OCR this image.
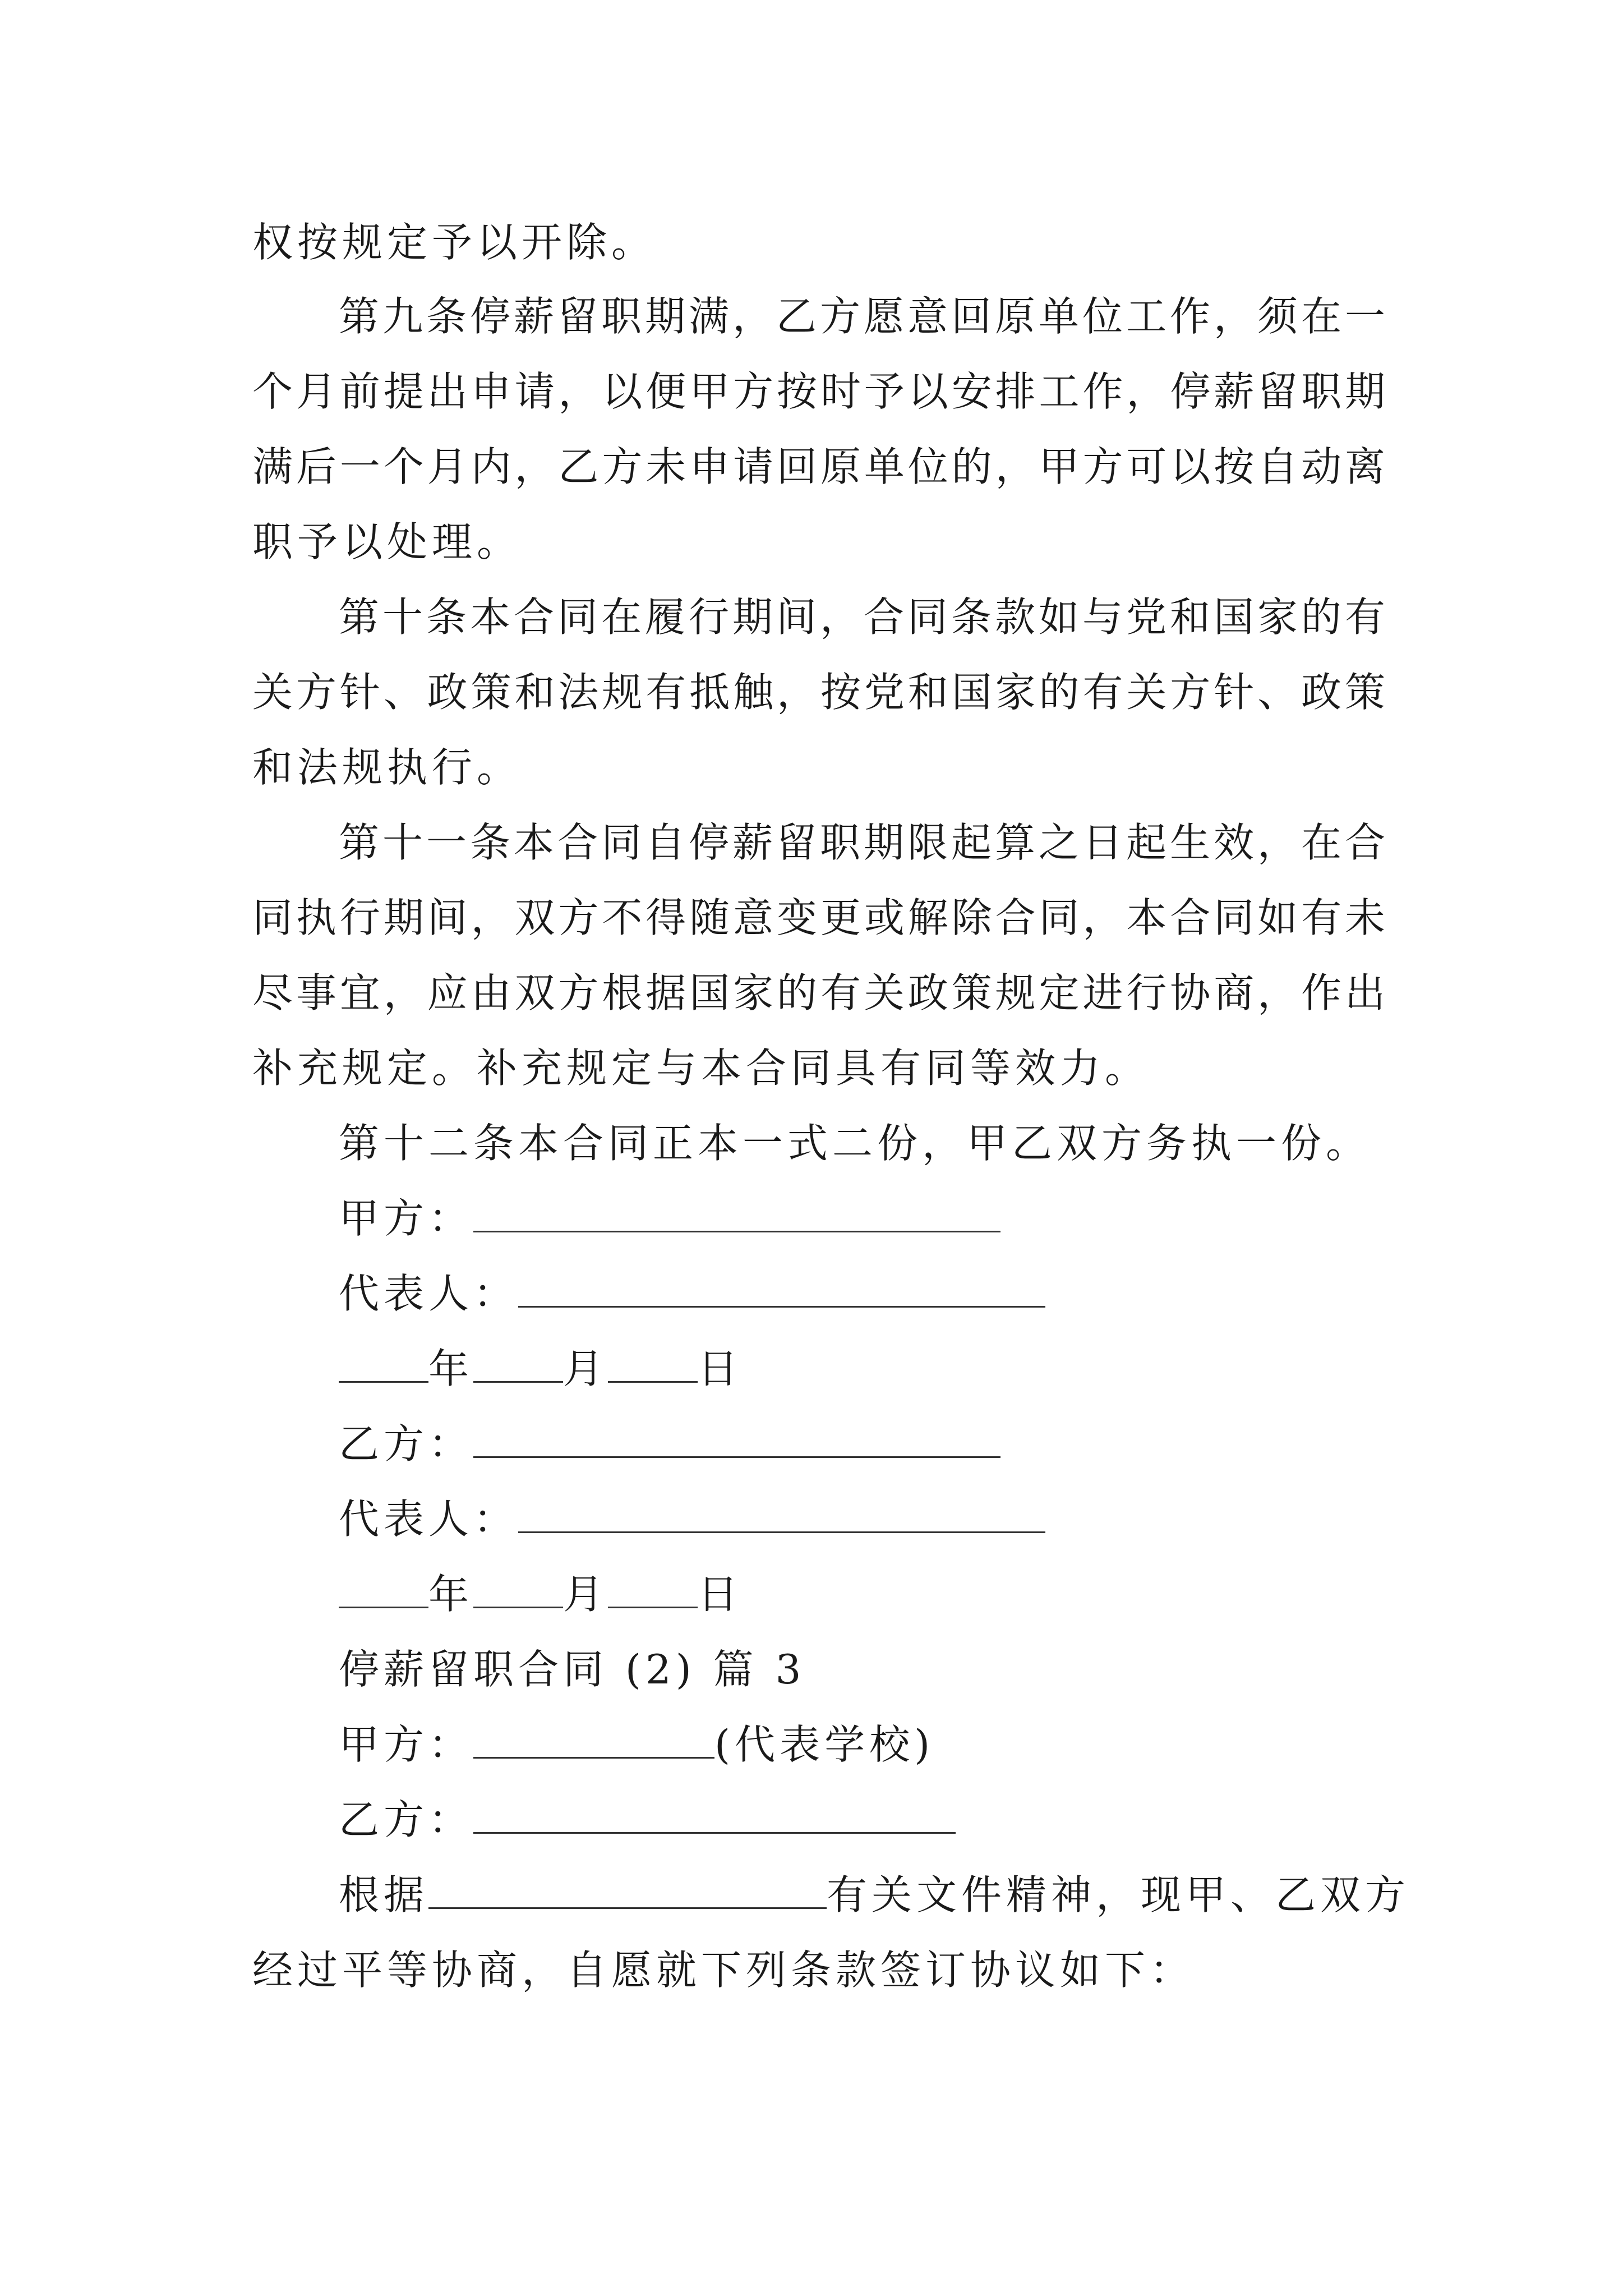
权按规定予以开除。
第九条停薪留职期满，乙方愿意回原单位工作，须在一
个月前提出申请，以便甲方按时予以安排工作，停薪留职期
满后一个月内，乙方未申请回原单位的，甲方可以按自动离
职予以处理。
第十条本合同在履行期间，合同条款如与党和国家的有
关方针、政策和法规有抵触，按党和国家的有关方针、政策
和法规执行。
第十一条本合同自停薪留职期限起算之日起生效，在合
同执行期间，双方不得随意变更或解除合同，本合同如有未
尽事宜，应由双方根据国家的有关政策规定进行协商，作出
补充规定。补充规定与本合同具有同等效力。
第十二条本合同正本一式二份，甲乙双方务执一份。
甲方：
代表人：
年 月 日
乙方：
代表人：
年 月 日
停薪留职合同 (2) 篇 3
甲方：	(代表学校)
乙方：
根据	有关文件精神，现甲、乙双方
经过平等协商，自愿就下列条款签订协议如下：
